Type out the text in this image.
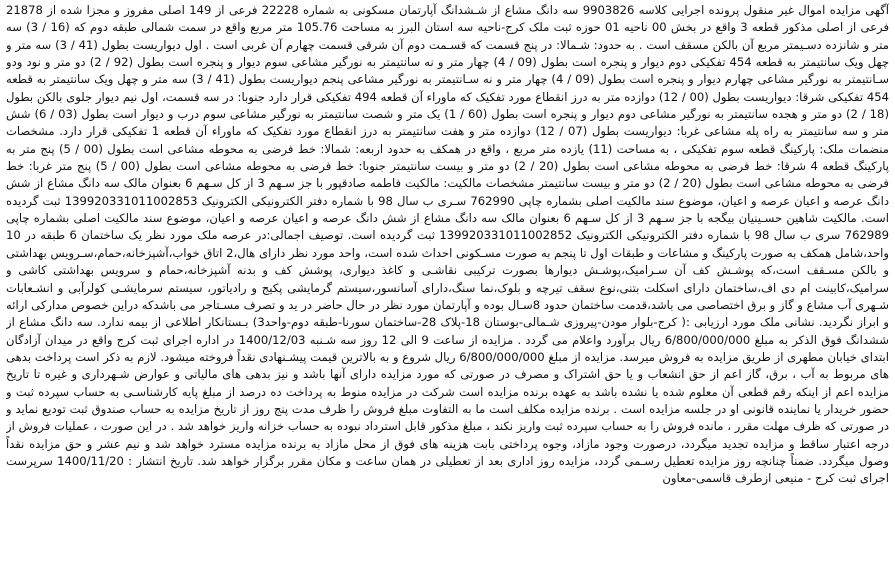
آگهی مزایده اموال غیر منقول پرونده اجرایی کلاسه 9903826 سه دانگ مشاع از شـشدانگ آپارتمان مسکونی به شماره 22228 فرعی از 149 اصلی مفروز و مجزا شده از 21878 فرعی از اصلی مذکور قطعه 3 واقع در بخش 00 ناحیه 01 حوزه ثبت ملک کرج-ناحیه سه استان البرز به مساحت 105.76 متر مربع واقع در سمت شمالی طبقه دوم که (16 / 3) سه متر و شانزده دسـیمتر مربع آن بالکن مسقف است . به حدود: شـمالا: در پنج قسمت که قسـمت دوم آن شرقی قسمت چهارم آن غربی است . اول دیواریست بطول (41 / 3) سه متر و چهل ویک سانتیمتر به قطعه 454 تفکیکی دوم دیوار و پنجره است بطول (09 / 4) چهار متر و نه سانتیمتر به نورگیر مشاعی سوم دیوار و پنجره است بطول (92 / 2) دو متر و نود ودو سـانتیمتر به نورگیر مشاعی چهارم دیوار و پنجره است بطول (09 / 4) چهار متر و نه سـانتیمتر به نورگیر مشاعی پنجم دیواریست بطول (41 / 3) سه متر و چهل ویک سانتیمتر به قطعه 454 تفکیکی شرقا: دیواریست بطول (00 / 12) دوازده متر به درز انقطاع مورد تفکیک که ماوراء آن قطعه 494 تفکیکی قرار دارد جنوبا: در سه قسمت، اول نیم دیوار جلوی بالکن بطول (18 / 2) دو متر و هجده سانتیمتر به نورگیر مشاعی دوم دیوار و پنجره است بطول (60 / 1) یک متر و شصت سانتیمتر به نورگیر مشاعی سوم درب و دیوار است بطول (03 / 6) شش متر و سه سانتیمتر به راه پله مشاعی غربا: دیواریست بطول (07 / 12) دوازده متر و هفت سانتیمتر به درز انقطاع مورد تفکیک که ماوراء آن قطعه 1 تفکیکی قرار دارد. مشخصات منضمات ملک: پارکینگ قطعه سوم تفکیکی ، به مساحت (11) یازده متر مربع ، واقع در همکف به حدود اربعه: شمالا: خط فرضی به محوطه مشاعی است بطول (00 / 5) پنج متر به پارکینگ قطعه 4 شرقا: خط فرضی به محوطه مشاعی است بطول (20 / 2) دو متر و بیست سانتیمتر جنوبا: خط فرضی به محوطه مشاعی است بطول (00 / 5) پنج متر غربا: خط فرضی به محوطه مشاعی است بطول (20 / 2) دو متر و بیست سانتیمتر مشخصات مالکیت: مالکیت فاطمه صادقپور با جز سـهم 3 از کل سـهم 6 بعنوان مالک سه دانگ مشاع از شش دانگ عرصه و اعیان عرصه و اعیان، موضوع سند مالکیت اصلی بشماره چاپی 762990 سـری ب سال 98 با شماره دفتر الکترونیکی الکترونیک 139920331011002853 ثبت گردیده است. مالکیت شاهین حسـینیان بیگجه با جز سـهم 3 از کل سـهم 6 بعنوان مالک سه دانگ مشاع از شش دانگ عرصه و اعیان عرصه و اعیان، موضوع سند مالکیت اصلی بشماره چاپی 762989 سری ب سال 98 با شماره دفتر الکترونیکی الکترونیک 139920331011002852 ثبت گردیده است. توصیف اجمالی:در عرصه ملک مورد نظر یک ساختمان 6 طبقه در 10 واحد،شامل همکف به صورت پارکینگ و مشاعات و طبقات اول تا پنجم به صورت مسـکونی احداث شده است، واحد مورد نظر دارای هال،2 اتاق خواب،آشپزخانه،حمام،سـرویس بهداشتی و بالکن مسـقف است،که پوشـش کف آن سـرامیک،پوشـش دیوارها بصورت ترکیبی نقاشـی و کاغذ دیواری، پوشش کف و بدنه آشپزخانه،حمام و سرویس بهداشتی کاشی و سرامیک،کابینت ام دی اف،ساختمان دارای اسکلت بتنی،نوع سقف تیرچه و بلوک،نما سنگ،دارای آسانسور،سیستم گرمایشی پکیج و رادیاتور، سیستم سرمایشـی کولرآبی و انشـعابات شـهری آب مشاع و گاز و برق اختصاصی می باشد،قدمت ساختمان حدود 8سـال بوده و آپارتمان مورد نظر در حال حاضر در ید و تصرف مسـتاجر می باشدکه دراین خصوص مدارکی ارائه و ابراز نگردید. نشانی ملک مورد ارزیابی :( کرج-بلوار مودن-پیروزی شـمالی-بوستان 18-پلاک 28-ساختمان سورنا-طبقه دوم-واحد3) بـستانکار اطلاعی از بیمه ندارد. سه دانگ مشاع از ششدانگ فوق الذکر به مبلغ 6/800/000/000 ریال برآورد واعلام می گردد . مزایده از ساعت 9 الی 12 روز سه شـنبه 1400/12/03 در اداره اجرای ثبت کرج واقع در میدان آزادگان ابتدای خیابان مطهری از طریق مزایده به فروش میرسد. مزایده از مبلغ 6/800/000/000 ریال شروع و به بالاترین قیمت پیشـنهادی نقداً فروخته میشود. لازم به ذکر است پرداخت بدهی های مربوط به آب ، برق، گاز اعم از حق انشعاب و یا حق اشتراک و مصرف در صورتی که مورد مزایده دارای آنها باشد و نیز بدهی های مالیاتی و عوارض شـهرداری و غیره تا تاریخ مزایده اعم از اینکه رقم قطعی آن معلوم شده یا نشده باشد به عهده برنده مزایده است شرکت در مزایده منوط به پرداخت ده درصد از مبلغ پایه کارشناسـی به حساب سپرده ثبت و حضور خریدار یا نماینده قانونی او در جلسه مزایده است . برنده مزایده مکلف است ما به التفاوت مبلغ فروش را ظرف مدت پنج روز از تاریخ مزایده به حساب صندوق ثبت تودیع نماید و در صورتی که ظرف مهلت مقرر ، مانده فروش را به حساب سپرده ثبت واریز نکند ، مبلغ مذکور قابل استرداد نبوده به حساب خزانه واریز خواهد شد . در این صورت ، عملیات فروش از درجه اعتبار ساقط و مزایده تجدید میگردد، درصورت وجود مازاد، وجوه پرداختی بابت هزینه های فوق از محل مازاد به برنده مزایده مسترد خواهد شد و نیم عشر و حق مزایده نقداً وصول میگردد. ضمناً چنانچه روز مزایده تعطیل رسـمی گردد، مزایده روز اداری بعد از تعطیلی در همان ساعت و مکان مقرر برگزار خواهد شد. تاریخ انتشار : 1400/11/20 سرپرست اجرای ثبت کرج - منیعی ازطرف قاسمی-معاون
